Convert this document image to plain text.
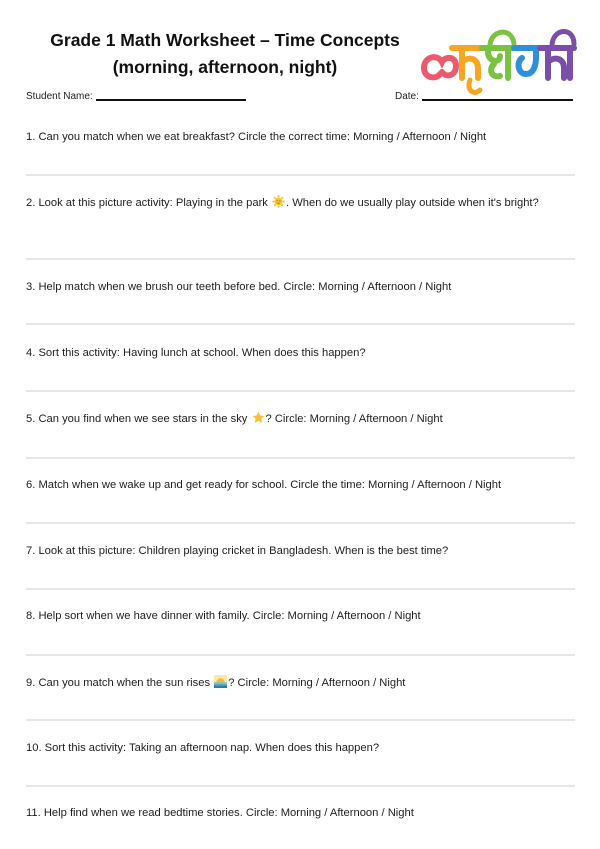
Grade 1 Math Worksheet – Time Concepts
(morning, afternoon, night)
Student Name:	Date:
1. Can you match when we eat breakfast? Circle the correct time: Morning / Afternoon / Night
2. Look at this picture activity: Playing in the park . When do we usually play outside when it's bright?
3. Help match when we brush our teeth before bed. Circle: Morning / Afternoon / Night
4. Sort this activity: Having lunch at school. When does this happen?
5. Can you find when we see stars in the sky ? Circle: Morning / Afternoon / Night
6. Match when we wake up and get ready for school. Circle the time: Morning / Afternoon / Night
7. Look at this picture: Children playing cricket in Bangladesh. When is the best time?
8. Help sort when we have dinner with family. Circle: Morning / Afternoon / Night
9. Can you match when the sun rises ? Circle: Morning / Afternoon / Night
10. Sort this activity: Taking an afternoon nap. When does this happen?
11. Help find when we read bedtime stories. Circle: Morning / Afternoon / Night
